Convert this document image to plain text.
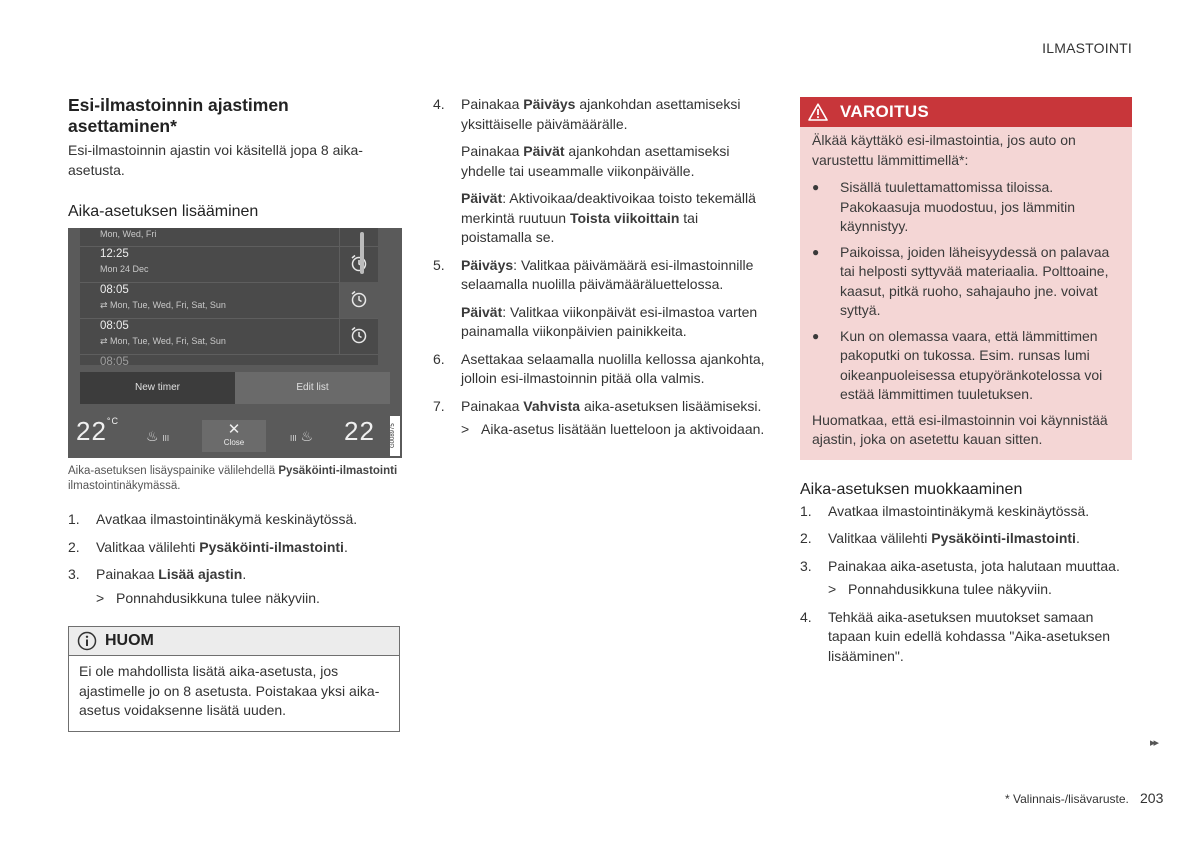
ILMASTOINTI
Esi-ilmastoinnin ajastimen
asettaminen*

Esi-ilmastoinnin ajastin voi käsitellä jopa 8 aika-asetusta.

Aika-asetuksen lisääminen
Mon, Wed, Fri
12:25
Mon 24 Dec
08:05
⇄ Mon, Tue, Wed, Fri, Sat, Sun
08:05
⇄ Mon, Tue, Wed, Fri, Sat, Sun
08:05
New timer	Edit list
$22^{^\circ C}$
♨ III
✕
Close	III ♨ 22	G008975
Aika-asetuksen lisäyspainike välilehdellä Pysäköinti-ilmastointi ilmastointinäkymässä.
1.	Avatkaa ilmastointinäkymä keskinäytössä.
2.	Valitkaa välilehti Pysäköinti-ilmastointi.
3.	Painakaa Lisää ajastin.
> Ponnahdusikkuna tulee näkyviin.
HUOM
Ei ole mahdollista lisätä aika-asetusta, jos ajastimelle jo on 8 asetusta. Poistakaa yksi aika-asetus voidaksenne lisätä uuden.
4.	Painakaa Päiväys ajankohdan asettamiseksi yksittäiselle päivämäärälle.

Painakaa Päivät ajankohdan asettamiseksi yhdelle tai useammalle viikonpäivälle.

Päivät: Aktivoikaa/deaktivoikaa toisto tekemällä merkintä ruutuun Toista viikoittain tai poistamalla se.

5.	Päiväys: Valitkaa päivämäärä esi-ilmastoinnille selaamalla nuolilla päivämääräluettelossa.

Päivät: Valitkaa viikonpäivät esi-ilmastoa varten painamalla viikonpäivien painikkeita.

6.	Asettakaa selaamalla nuolilla kellossa ajankohta, jolloin esi-ilmastoinnin pitää olla valmis.
7.	Painakaa Vahvista aika-asetuksen lisäämiseksi.
> Aika-asetus lisätään luetteloon ja aktivoidaan.
VAROITUS

Älkää käyttäkö esi-ilmastointia, jos auto on varustettu lämmittimellä*:

●	Sisällä tuulettamattomissa tiloissa. Pakokaasuja muodostuu, jos lämmitin käynnistyy.
●	Paikoissa, joiden läheisyydessä on palavaa tai helposti syttyvää materiaalia. Polttoaine, kaasut, pitkä ruoho, sahajauho jne. voivat syttyä.
●	Kun on olemassa vaara, että lämmittimen pakoputki on tukossa. Esim. runsas lumi oikeanpuoleisessa etupyöränkotelossa voi estää lämmittimen tuuletuksen.

Huomatkaa, että esi-ilmastoinnin voi käynnistää ajastin, joka on asetettu kauan sitten.

Aika-asetuksen muokkaaminen
1.	Avatkaa ilmastointinäkymä keskinäytössä.
2.	Valitkaa välilehti Pysäköinti-ilmastointi.
3.	Painakaa aika-asetusta, jota halutaan muuttaa.
> Ponnahdusikkuna tulee näkyviin.
4.	Tehkää aika-asetuksen muutokset samaan tapaan kuin edellä kohdassa "Aika-asetuksen lisääminen".
▸▸
* Valinnais-/lisävaruste. 203
